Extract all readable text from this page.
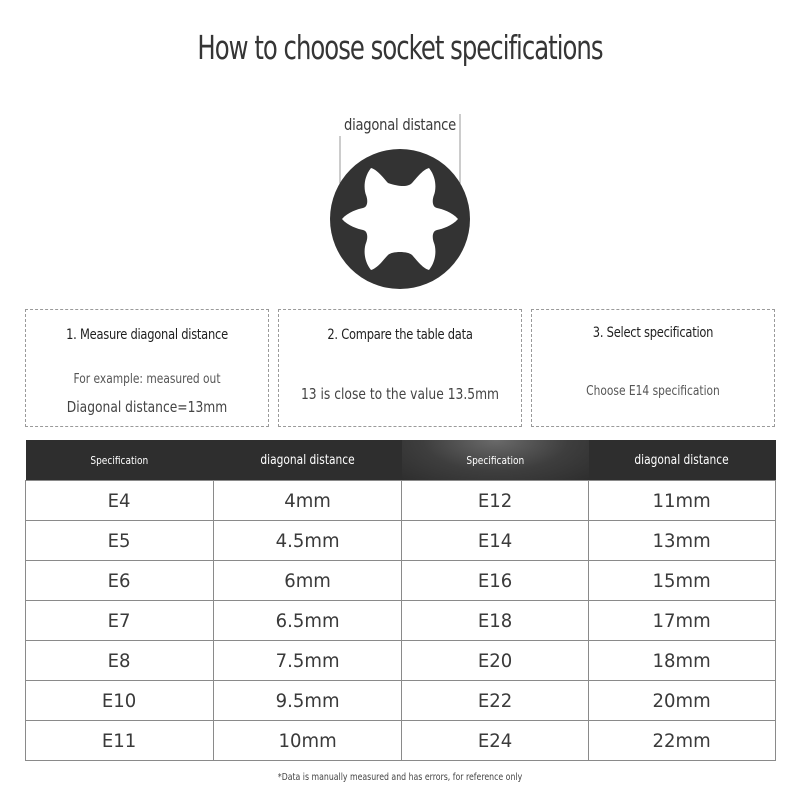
How to choose socket specifications
diagonal distance
1. Measure diagonal distance
For example: measured out
Diagonal distance=13mm
2. Compare the table data
13 is close to the value 13.5mm
3. Select specification
Choose E14 specification
Specification	diagonal distance	Specification	diagonal distance
E4	4mm	E12	11mm
E5	4.5mm	E14	13mm
E6	6mm	E16	15mm
E7	6.5mm	E18	17mm
E8	7.5mm	E20	18mm
E10	9.5mm	E22	20mm
E11	10mm	E24	22mm
*Data is manually measured and has errors, for reference only
